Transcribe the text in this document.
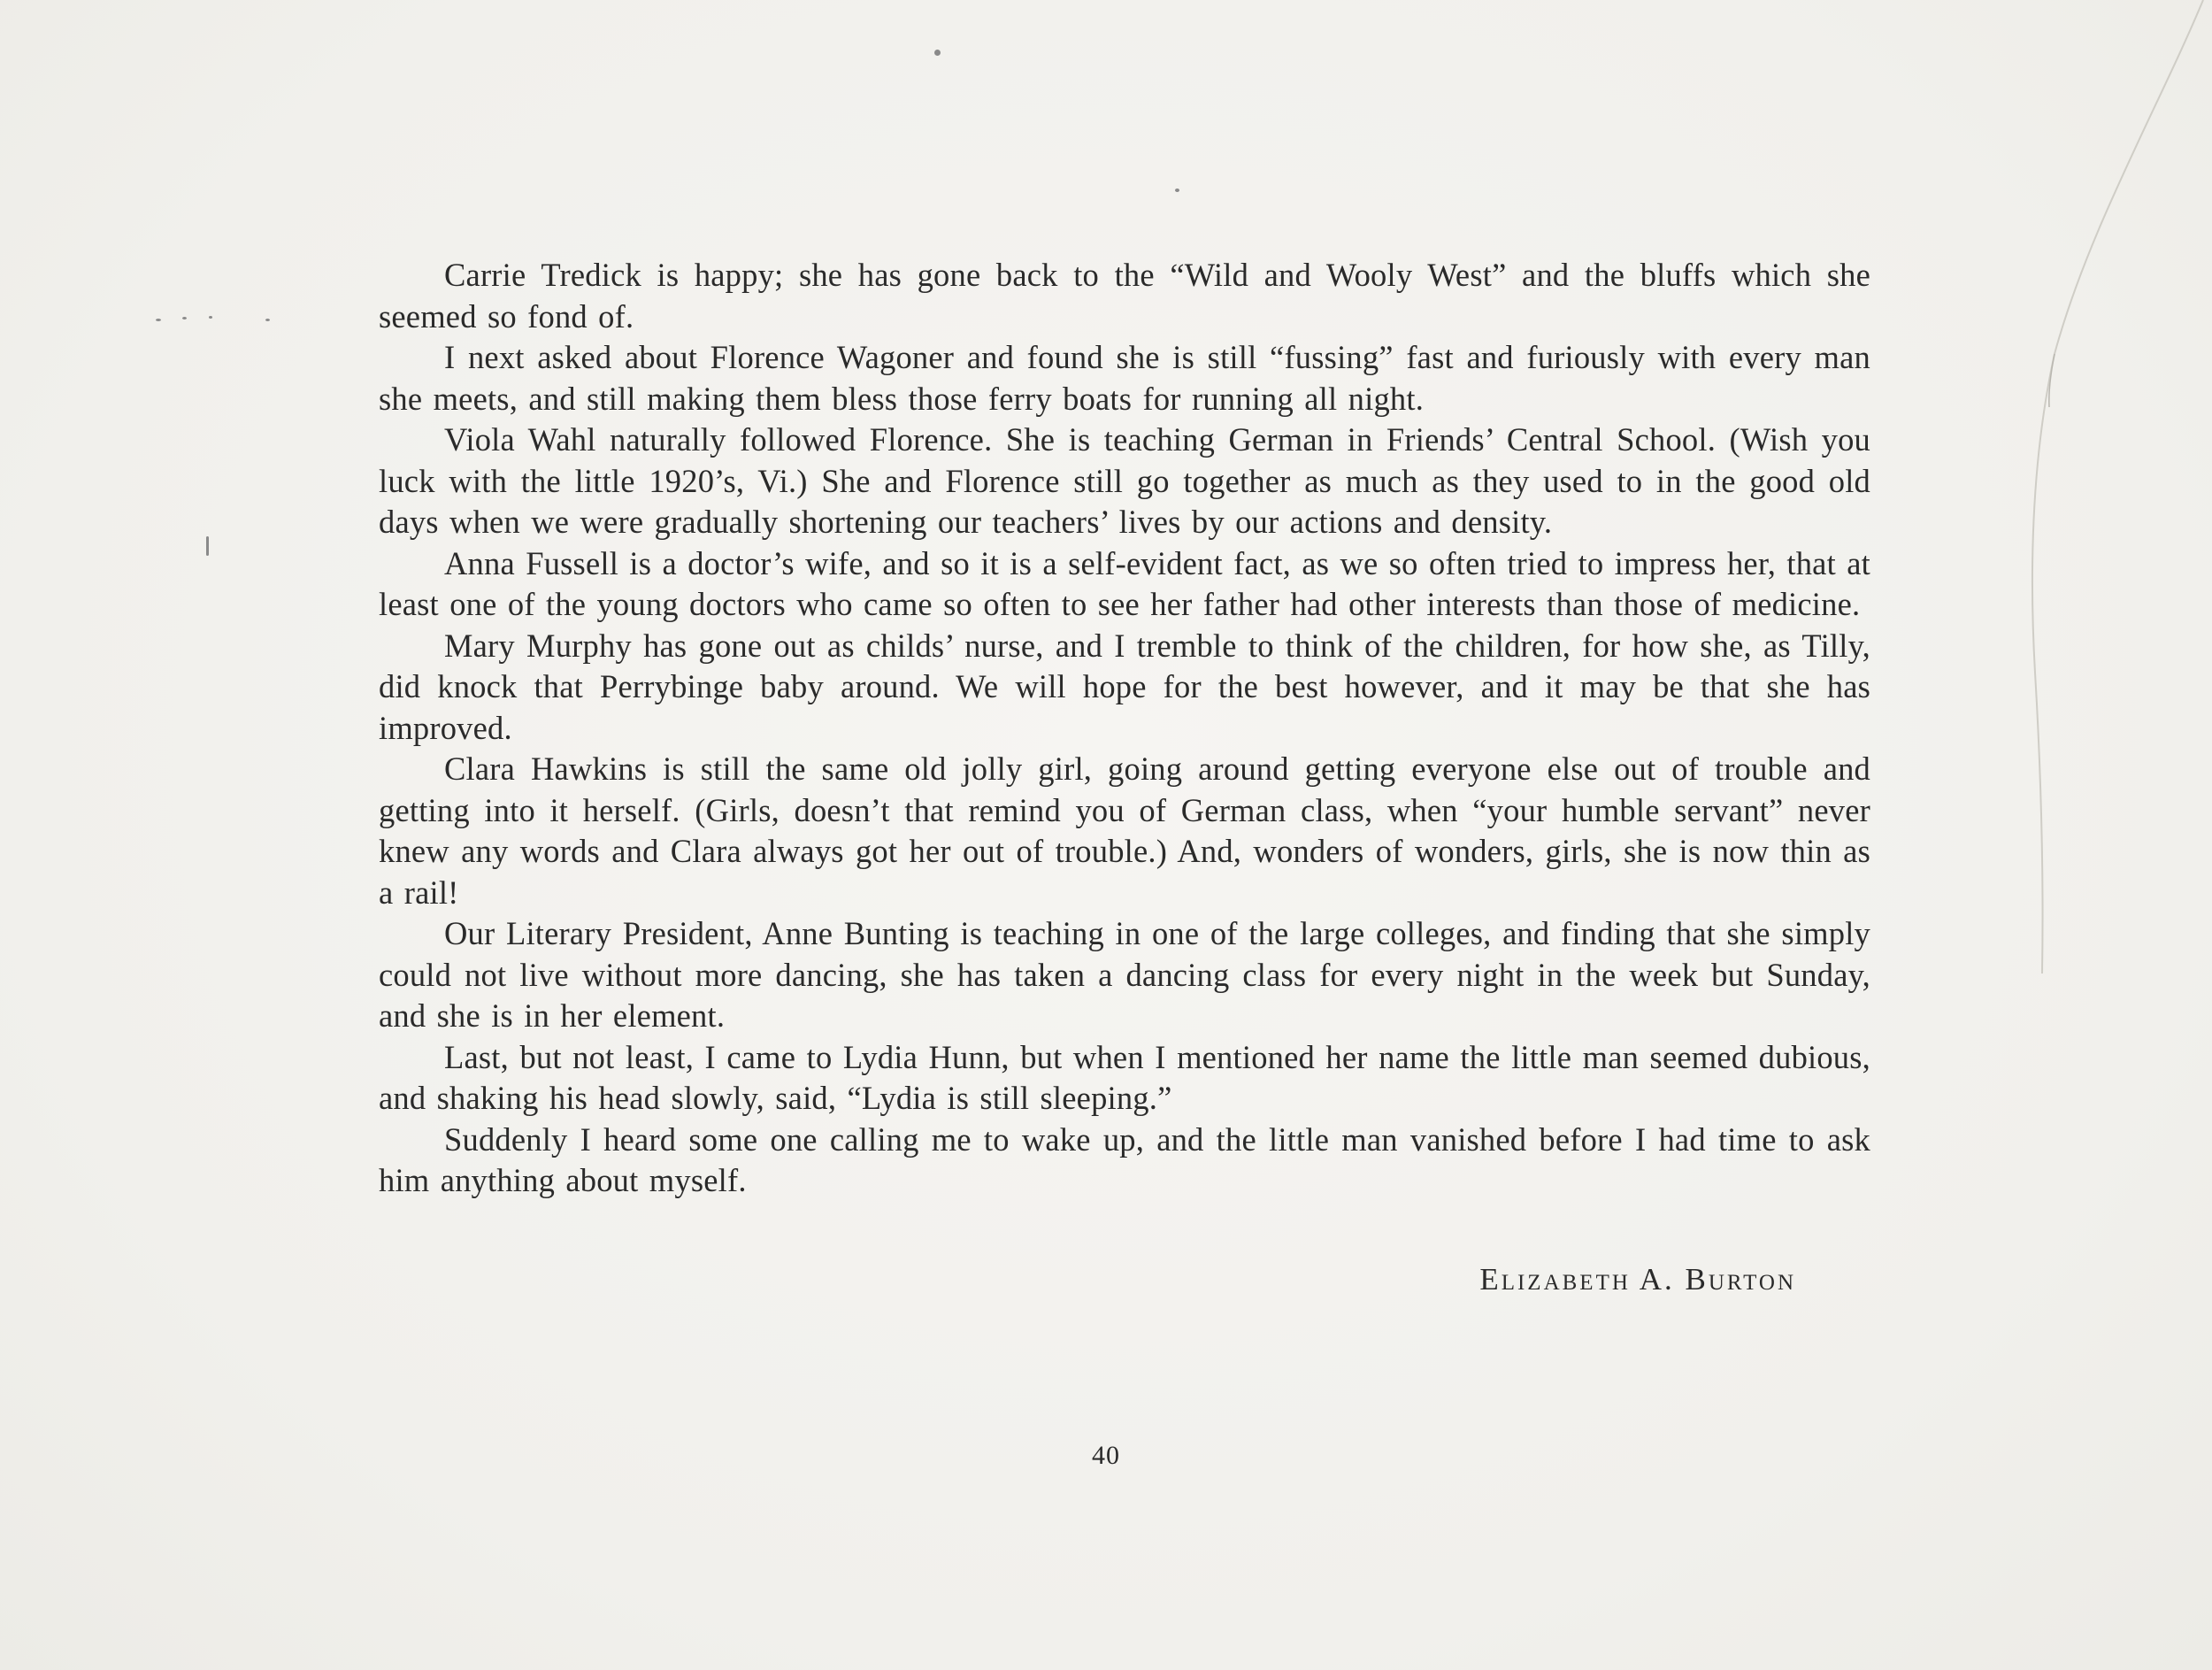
Carrie Tredick is happy; she has gone back to the “Wild and Wooly West” and the bluffs which she seemed so fond of.

I next asked about Florence Wagoner and found she is still “fussing” fast and furiously with every man she meets, and still making them bless those ferry boats for running all night.

Viola Wahl naturally followed Florence. She is teaching German in Friends’ Central School. (Wish you luck with the little 1920’s, Vi.) She and Florence still go together as much as they used to in the good old days when we were gradually shortening our teachers’ lives by our actions and density.

Anna Fussell is a doctor’s wife, and so it is a self-evident fact, as we so often tried to impress her, that at least one of the young doctors who came so often to see her father had other interests than those of medicine.

Mary Murphy has gone out as childs’ nurse, and I tremble to think of the children, for how she, as Tilly, did knock that Perrybinge baby around. We will hope for the best however, and it may be that she has improved.

Clara Hawkins is still the same old jolly girl, going around getting everyone else out of trouble and getting into it herself. (Girls, doesn’t that remind you of German class, when “your humble servant” never knew any words and Clara always got her out of trouble.) And, wonders of wonders, girls, she is now thin as a rail!

Our Literary President, Anne Bunting is teaching in one of the large colleges, and finding that she simply could not live without more dancing, she has taken a dancing class for every night in the week but Sunday, and she is in her element.

Last, but not least, I came to Lydia Hunn, but when I mentioned her name the little man seemed dubious, and shaking his head slowly, said, “Lydia is still sleeping.”

Suddenly I heard some one calling me to wake up, and the little man vanished before I had time to ask him anything about myself.

Elizabeth A. Burton
40
